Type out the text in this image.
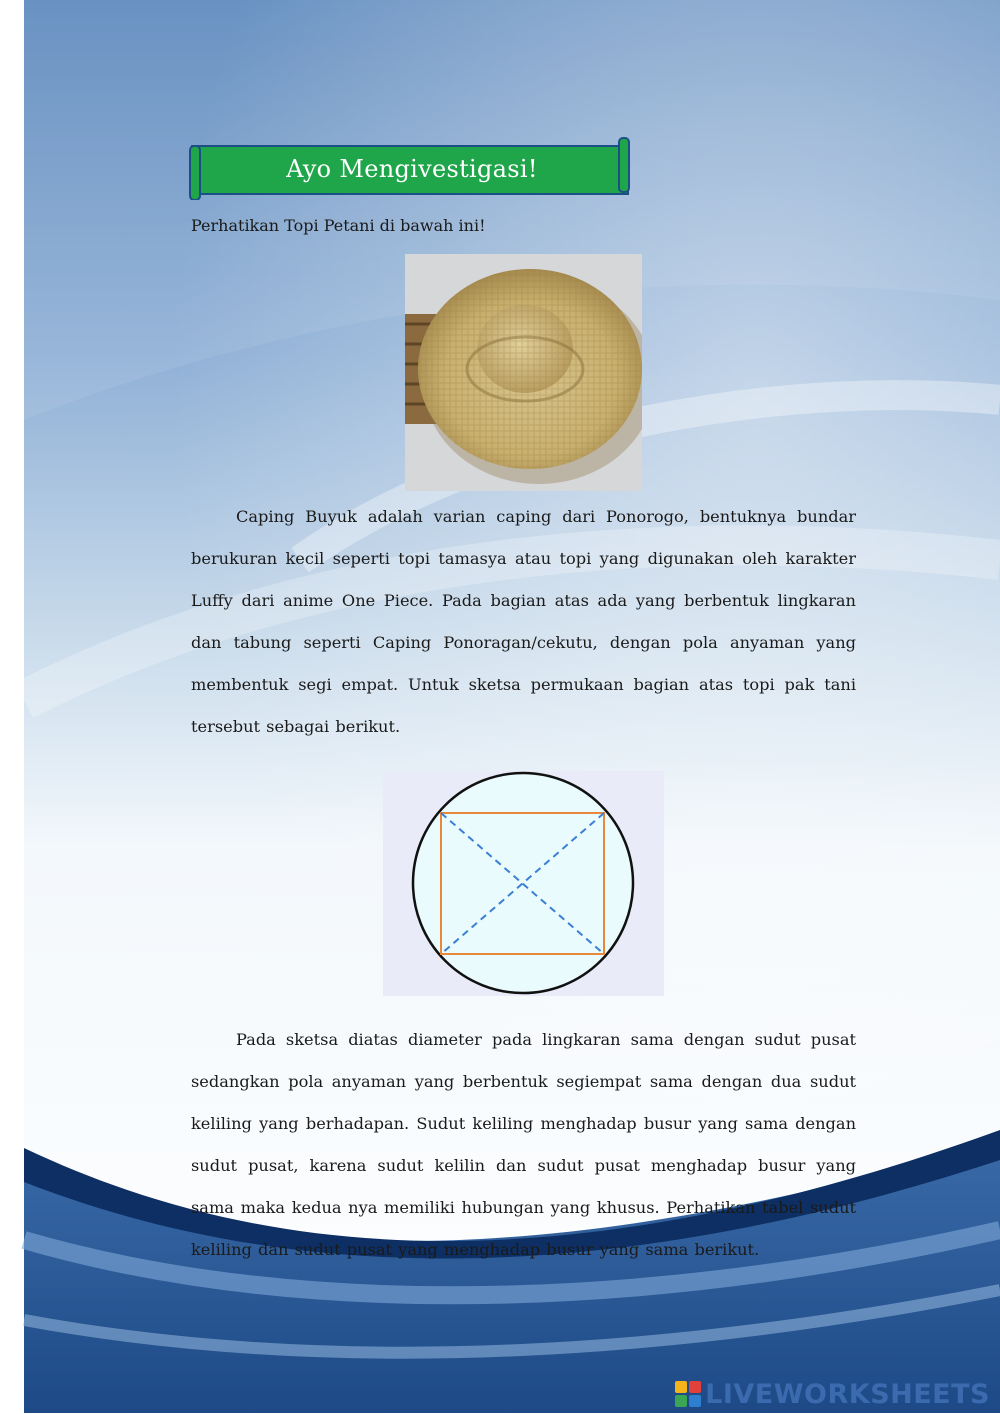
Ayo Mengivestigasi!
Perhatikan Topi Petani di bawah ini!
Caping Buyuk adalah varian caping dari Ponorogo, bentuknya bundar berukuran kecil seperti topi tamasya atau topi yang digunakan oleh karakter Luffy dari anime One Piece. Pada bagian atas ada yang berbentuk lingkaran dan tabung seperti Caping Ponoragan/cekutu, dengan pola anyaman yang membentuk segi empat. Untuk sketsa permukaan bagian atas topi pak tani tersebut sebagai berikut.
Pada sketsa diatas diameter pada lingkaran sama dengan sudut pusat sedangkan pola anyaman yang berbentuk segiempat sama dengan dua sudut keliling yang berhadapan. Sudut keliling menghadap busur yang sama dengan sudut pusat, karena sudut kelilin dan sudut pusat menghadap busur yang sama maka kedua nya memiliki hubungan yang khusus. Perhatikan tabel sudut keliling dan sudut pusat yang menghadap busur yang sama berikut.
LIVEWORKSHEETS
